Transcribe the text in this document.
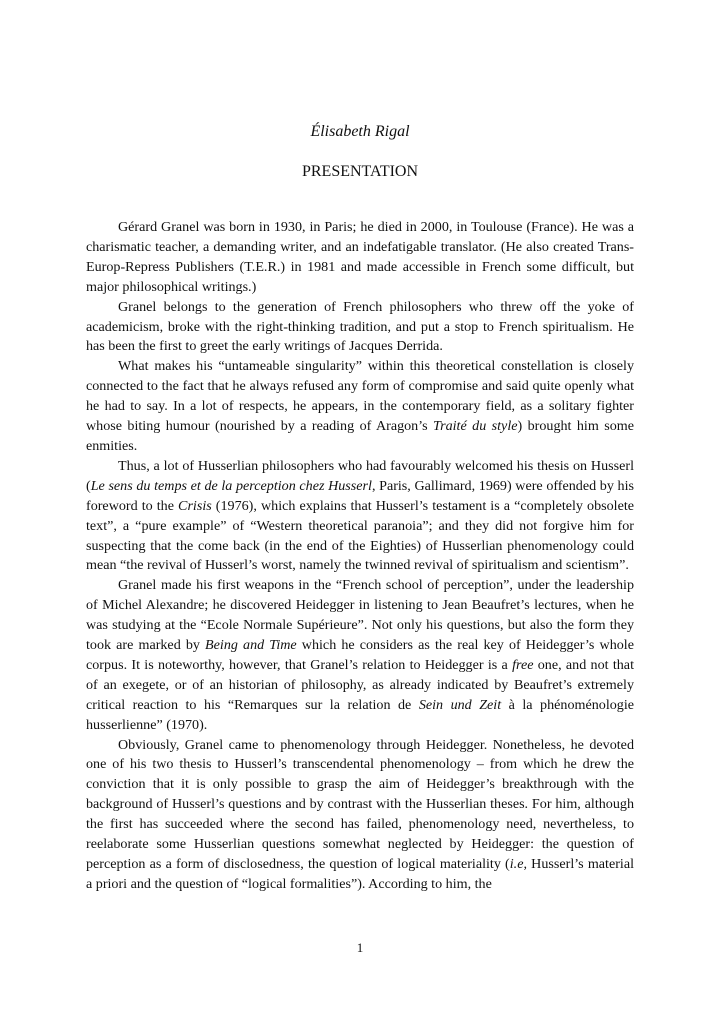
Élisabeth Rigal
PRESENTATION

Gérard Granel was born in 1930, in Paris; he died in 2000, in Toulouse (France). He was a charismatic teacher, a demanding writer, and an indefatigable translator. (He also created Trans-Europ-Repress Publishers (T.E.R.) in 1981 and made accessible in French some difficult, but major philosophical writings.)

Granel belongs to the generation of French philosophers who threw off the yoke of academicism, broke with the right-thinking tradition, and put a stop to French spiritualism. He has been the first to greet the early writings of Jacques Derrida.

What makes his “untameable singularity” within this theoretical constellation is closely connected to the fact that he always refused any form of compromise and said quite openly what he had to say. In a lot of respects, he appears, in the contemporary field, as a solitary fighter whose biting humour (nourished by a reading of Aragon’s Traité du style) brought him some enmities.

Thus, a lot of Husserlian philosophers who had favourably welcomed his thesis on Husserl (Le sens du temps et de la perception chez Husserl, Paris, Gallimard, 1969) were offended by his foreword to the Crisis (1976), which explains that Husserl’s testament is a “completely obsolete text”, a “pure example” of “Western theoretical paranoia”; and they did not forgive him for suspecting that the come back (in the end of the Eighties) of Husserlian phenomenology could mean “the revival of Husserl’s worst, namely the twinned revival of spiritualism and scientism”.

Granel made his first weapons in the “French school of perception”, under the leadership of Michel Alexandre; he discovered Heidegger in listening to Jean Beaufret’s lectures, when he was studying at the “Ecole Normale Supérieure”. Not only his questions, but also the form they took are marked by Being and Time which he considers as the real key of Heidegger’s whole corpus. It is noteworthy, however, that Granel’s relation to Heidegger is a free one, and not that of an exegete, or of an historian of philosophy, as already indicated by Beaufret’s extremely critical reaction to his “Remarques sur la relation de Sein und Zeit à la phénoménologie husserlienne” (1970).

Obviously, Granel came to phenomenology through Heidegger. Nonetheless, he devoted one of his two thesis to Husserl’s transcendental phenomenology – from which he drew the conviction that it is only possible to grasp the aim of Heidegger’s breakthrough with the background of Husserl’s questions and by contrast with the Husserlian theses. For him, although the first has succeeded where the second has failed, phenomenology need, nevertheless, to reelaborate some Husserlian questions somewhat neglected by Heidegger: the question of perception as a form of disclosedness, the question of logical materiality (i.e, Husserl’s material a priori and the question of “logical formalities”). According to him, the

1
